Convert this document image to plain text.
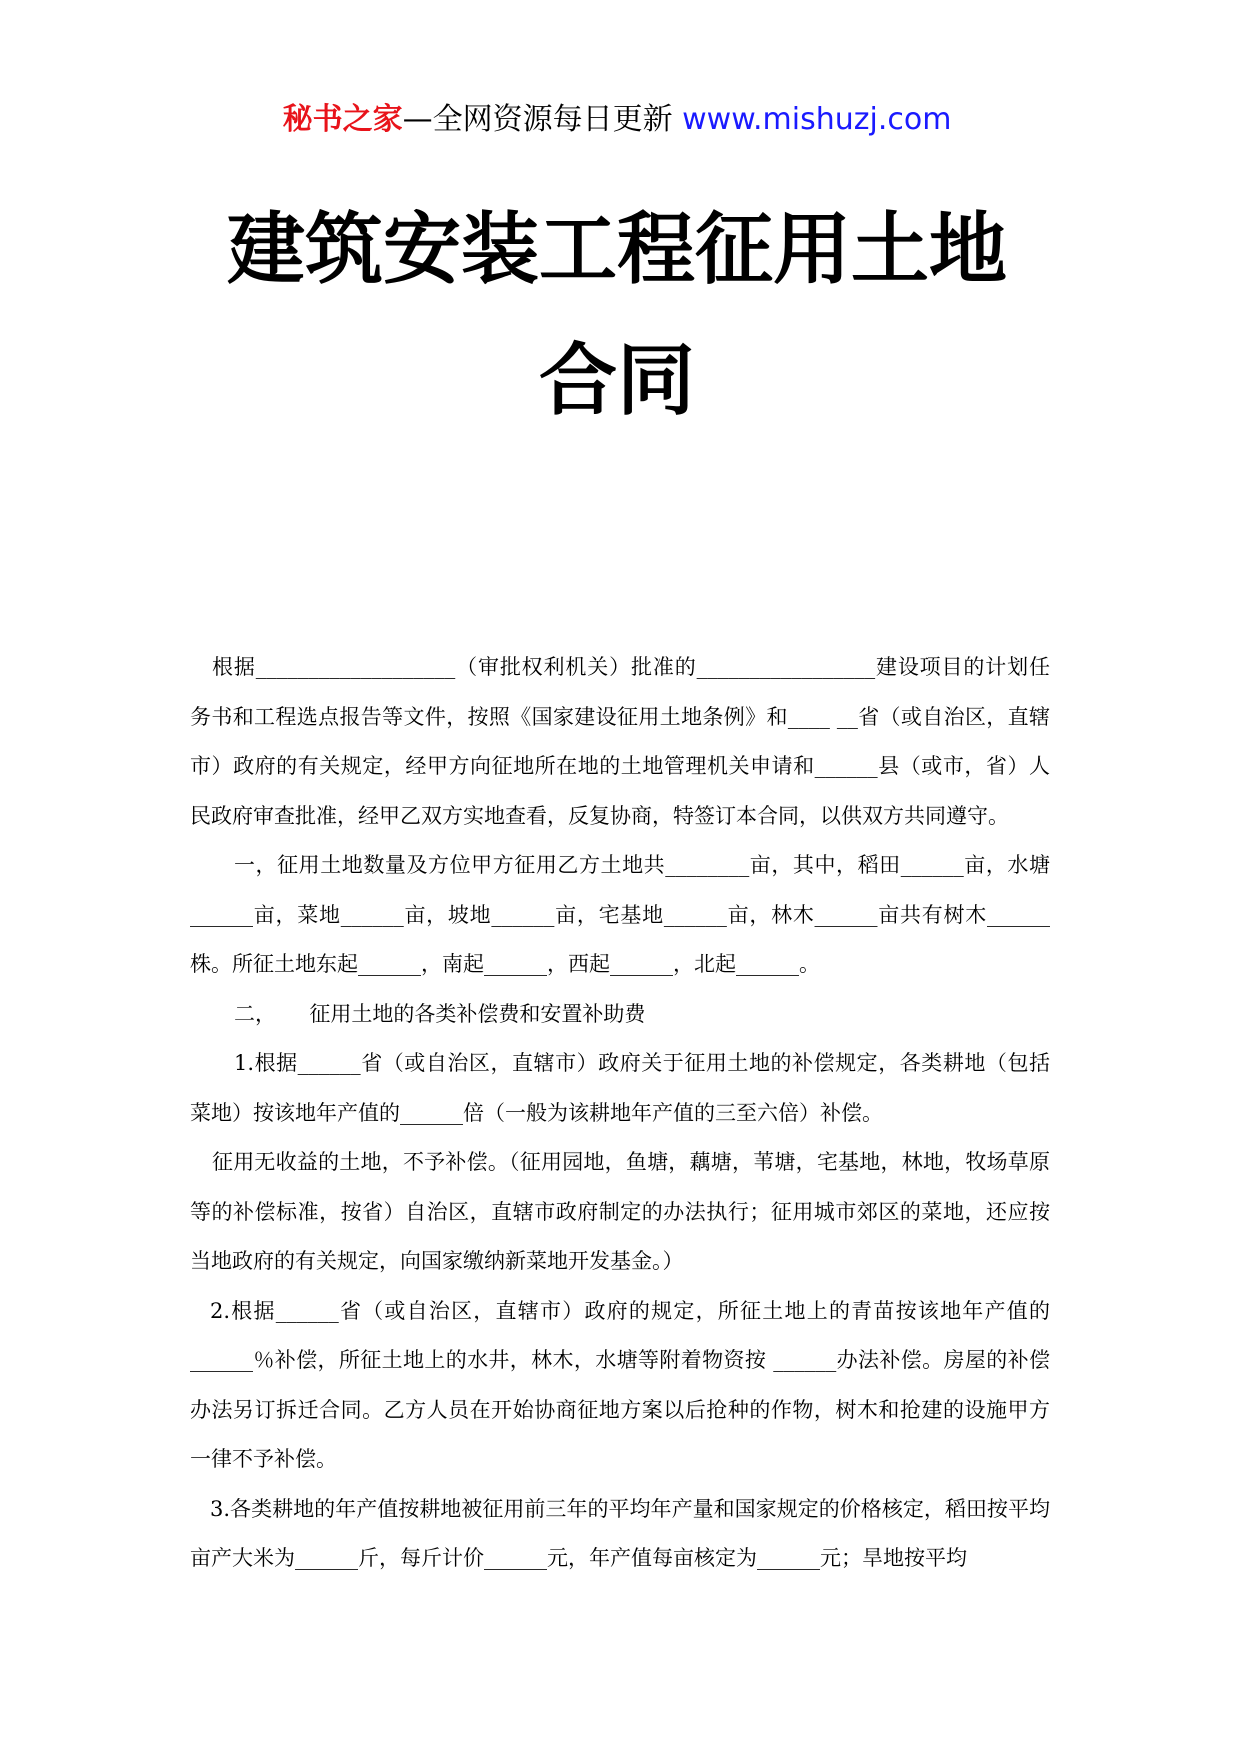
秘书之家—全网资源每日更新 www.mishuzj.com
建筑安装工程征用土地
合同

根据___________________（审批权利机关）批准的_________________建设项目的计划任务书和工程选点报告等文件，按照《国家建设征用土地条例》和____ __省（或自治区，直辖市）政府的有关规定，经甲方向征地所在地的土地管理机关申请和______县（或市，省）人民政府审查批准，经甲乙双方实地查看，反复协商，特签订本合同，以供双方共同遵守。

一，征用土地数量及方位甲方征用乙方土地共________亩，其中，稻田______亩，水塘______亩，菜地______亩，坡地______亩，宅基地______亩，林木______亩共有树木______株。所征土地东起______，南起______，西起______，北起______。

二，     征用土地的各类补偿费和安置补助费

1.根据______省（或自治区，直辖市）政府关于征用土地的补偿规定，各类耕地（包括菜地）按该地年产值的______倍（一般为该耕地年产值的三至六倍）补偿。

征用无收益的土地，不予补偿。（征用园地，鱼塘，藕塘，苇塘，宅基地，林地，牧场草原等的补偿标准，按省）自治区，直辖市政府制定的办法执行；征用城市郊区的菜地，还应按当地政府的有关规定，向国家缴纳新菜地开发基金。）

2.根据______省（或自治区，直辖市）政府的规定，所征土地上的青苗按该地年产值的______％补偿，所征土地上的水井，林木，水塘等附着物资按 ______办法补偿。房屋的补偿办法另订拆迁合同。乙方人员在开始协商征地方案以后抢种的作物，树木和抢建的设施甲方一律不予补偿。

3.各类耕地的年产值按耕地被征用前三年的平均年产量和国家规定的价格核定，稻田按平均亩产大米为______斤，每斤计价______元，年产值每亩核定为______元；旱地按平均
